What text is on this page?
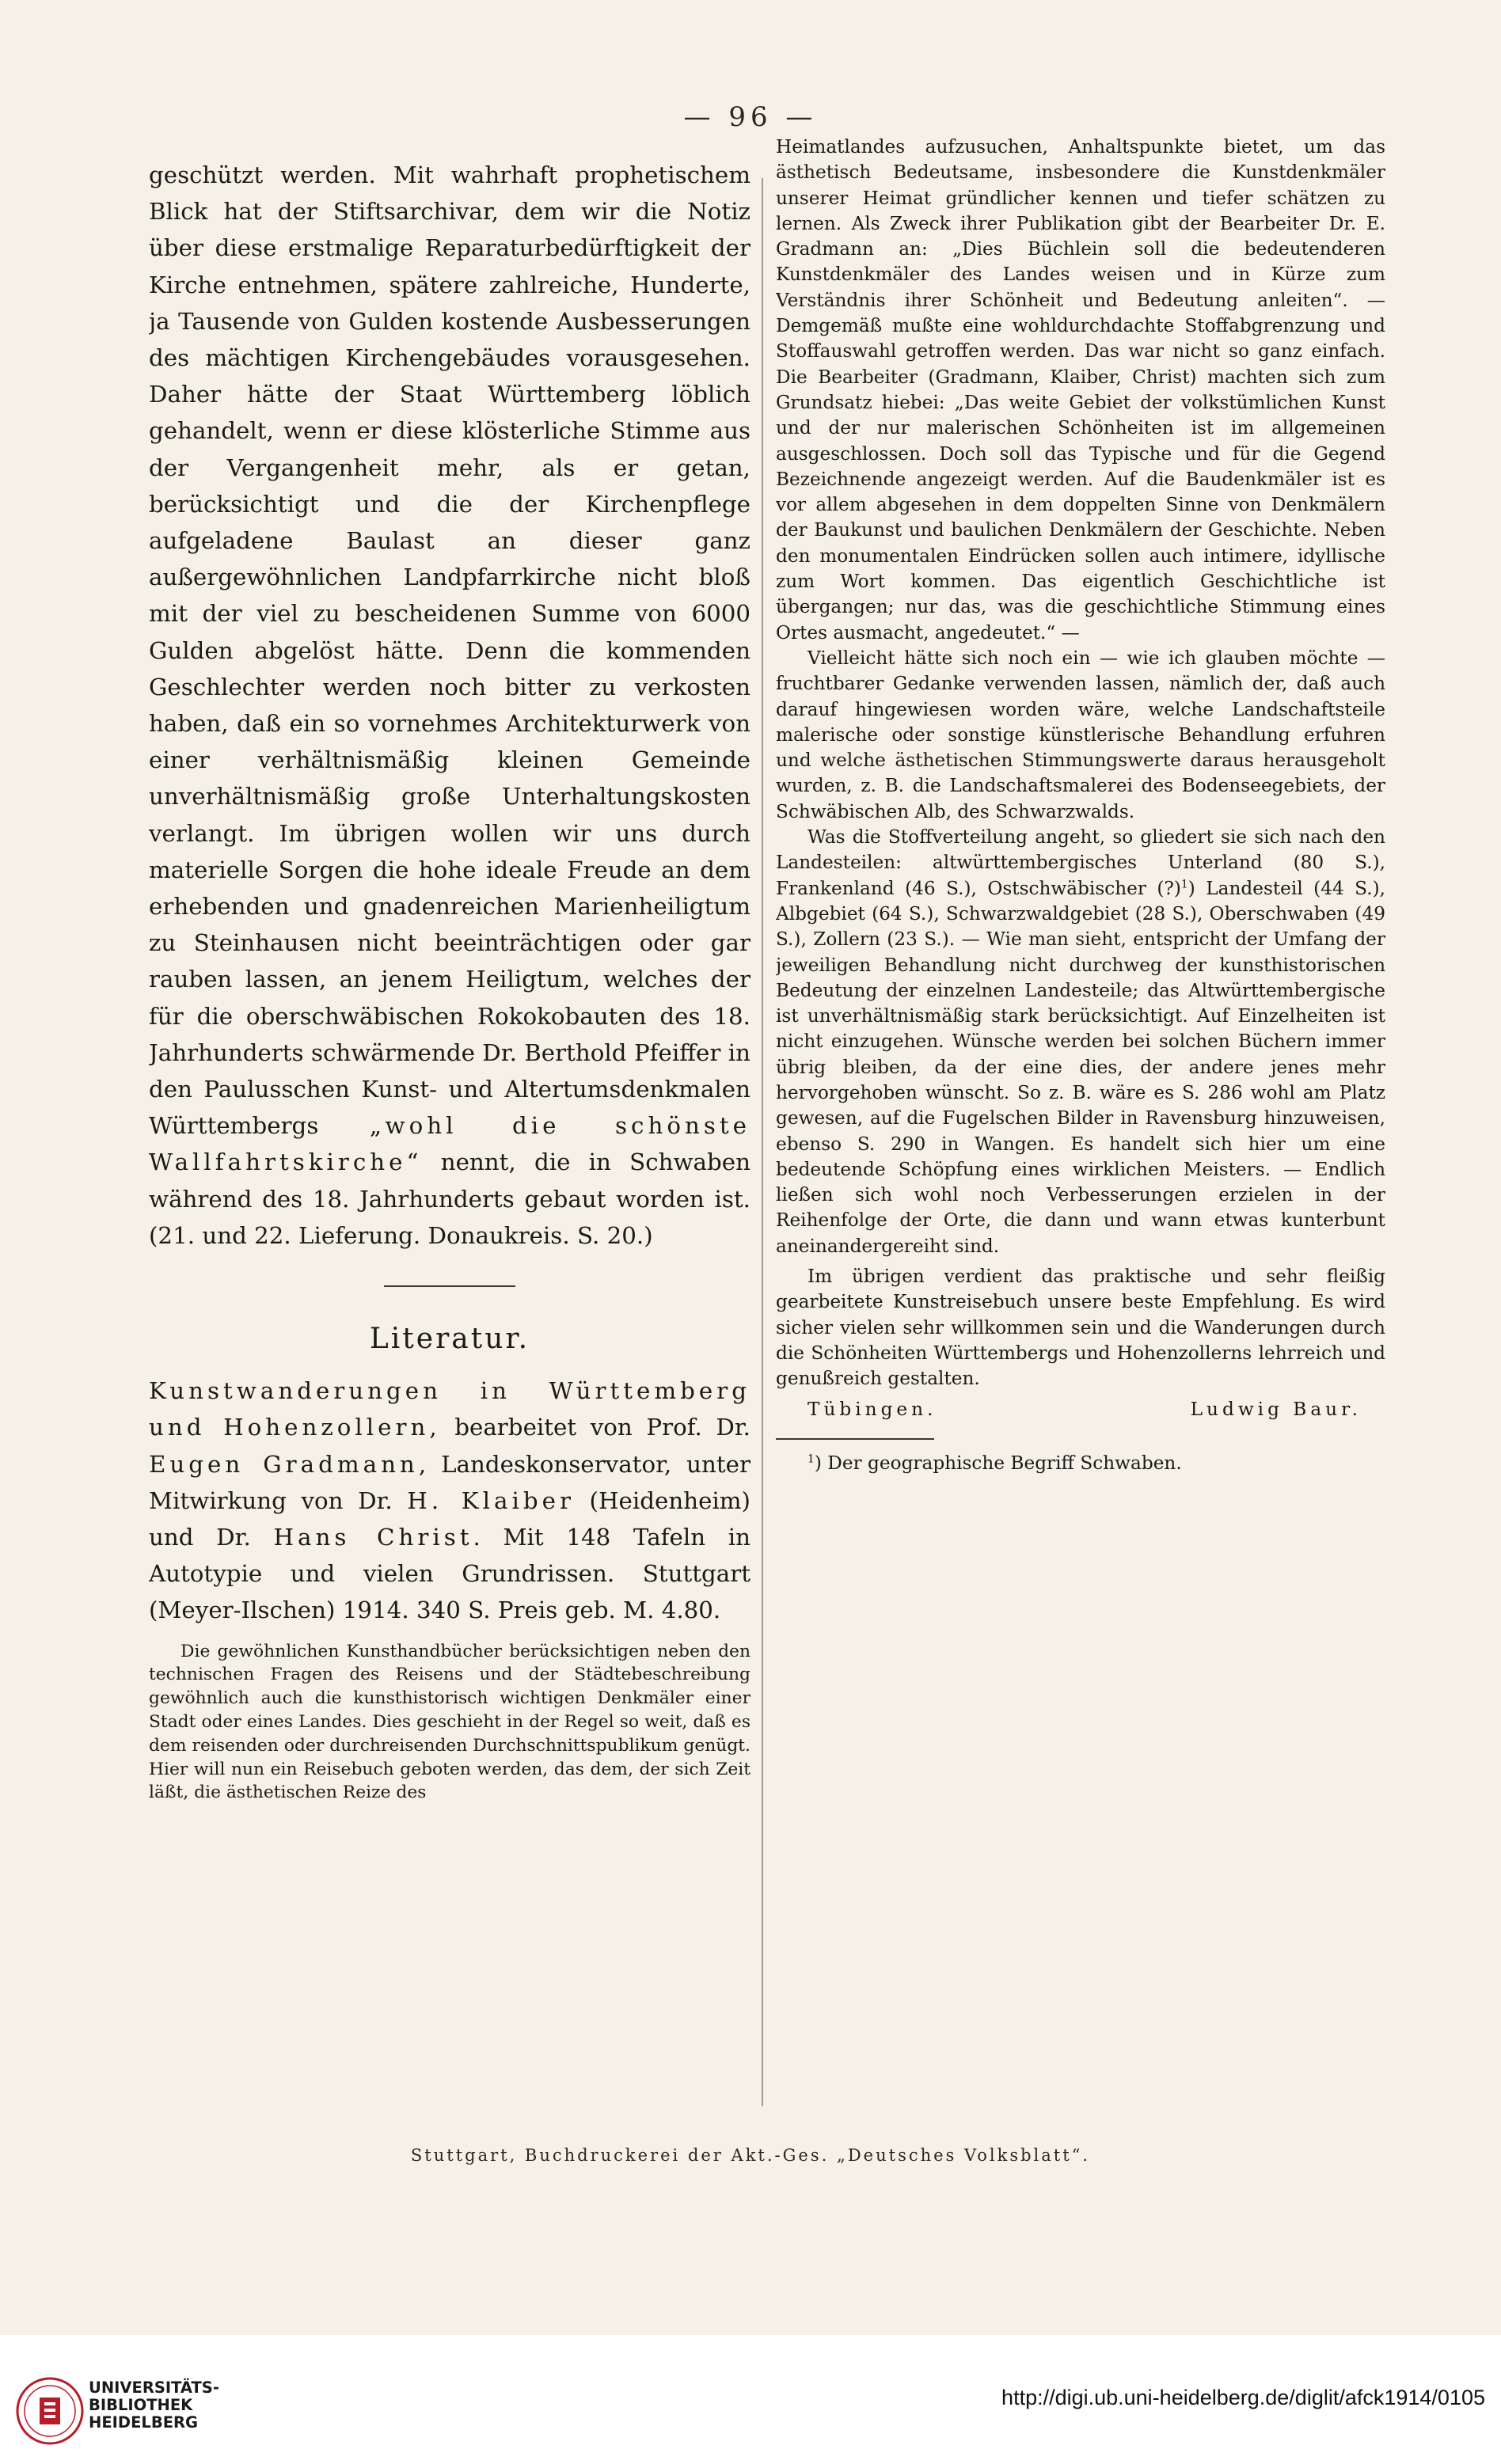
— 96 —

geschützt werden. Mit wahrhaft prophetischem Blick hat der Stiftsarchivar, dem wir die Notiz über diese erstmalige Reparaturbedürftigkeit der Kirche entnehmen, spätere zahlreiche, Hunderte, ja Tausende von Gulden kostende Ausbesserungen des mächtigen Kirchengebäudes vorausgesehen. Daher hätte der Staat Württemberg löblich gehandelt, wenn er diese klösterliche Stimme aus der Vergangenheit mehr, als er getan, berücksichtigt und die der Kirchenpflege aufgeladene Baulast an dieser ganz außergewöhnlichen Landpfarrkirche nicht bloß mit der viel zu bescheidenen Summe von 6000 Gulden abgelöst hätte. Denn die kommenden Geschlechter werden noch bitter zu verkosten haben, daß ein so vornehmes Architekturwerk von einer verhältnismäßig kleinen Gemeinde unverhältnismäßig große Unterhaltungskosten verlangt. Im übrigen wollen wir uns durch materielle Sorgen die hohe ideale Freude an dem erhebenden und gnadenreichen Marienheiligtum zu Steinhausen nicht beeinträchtigen oder gar rauben lassen, an jenem Heiligtum, welches der für die oberschwäbischen Rokokobauten des 18. Jahrhunderts schwärmende Dr. Berthold Pfeiffer in den Paulusschen Kunst- und Altertumsdenkmalen Württembergs „wohl die schönste Wallfahrtskirche“ nennt, die in Schwaben während des 18. Jahrhunderts gebaut worden ist. (21. und 22. Lieferung. Donaukreis. S. 20.)

Literatur.

Kunstwanderungen in Württemberg und Hohenzollern, bearbeitet von Prof. Dr. Eugen Gradmann, Landeskonservator, unter Mitwirkung von Dr. H. Klaiber (Heidenheim) und Dr. Hans Christ. Mit 148 Tafeln in Autotypie und vielen Grundrissen. Stuttgart (Meyer-Ilschen) 1914. 340 S. Preis geb. M. 4.80.

Die gewöhnlichen Kunsthandbücher berücksichtigen neben den technischen Fragen des Reisens und der Städtebeschreibung gewöhnlich auch die kunsthistorisch wichtigen Denkmäler einer Stadt oder eines Landes. Dies geschieht in der Regel so weit, daß es dem reisenden oder durchreisenden Durchschnittspublikum genügt. Hier will nun ein Reisebuch geboten werden, das dem, der sich Zeit läßt, die ästhetischen Reize des

Heimatlandes aufzusuchen, Anhaltspunkte bietet, um das ästhetisch Bedeutsame, insbesondere die Kunstdenkmäler unserer Heimat gründlicher kennen und tiefer schätzen zu lernen. Als Zweck ihrer Publikation gibt der Bearbeiter Dr. E. Gradmann an: „Dies Büchlein soll die bedeutenderen Kunstdenkmäler des Landes weisen und in Kürze zum Verständnis ihrer Schönheit und Bedeutung anleiten“. — Demgemäß mußte eine wohldurchdachte Stoffabgrenzung und Stoffauswahl getroffen werden. Das war nicht so ganz einfach. Die Bearbeiter (Gradmann, Klaiber, Christ) machten sich zum Grundsatz hiebei: „Das weite Gebiet der volkstümlichen Kunst und der nur malerischen Schönheiten ist im allgemeinen ausgeschlossen. Doch soll das Typische und für die Gegend Bezeichnende angezeigt werden. Auf die Baudenkmäler ist es vor allem abgesehen in dem doppelten Sinne von Denkmälern der Baukunst und baulichen Denkmälern der Geschichte. Neben den monumentalen Eindrücken sollen auch intimere, idyllische zum Wort kommen. Das eigentlich Geschichtliche ist übergangen; nur das, was die geschichtliche Stimmung eines Ortes ausmacht, angedeutet.“ —

Vielleicht hätte sich noch ein — wie ich glauben möchte — fruchtbarer Gedanke verwenden lassen, nämlich der, daß auch darauf hingewiesen worden wäre, welche Landschaftsteile malerische oder sonstige künstlerische Behandlung erfuhren und welche ästhetischen Stimmungswerte daraus herausgeholt wurden, z. B. die Landschaftsmalerei des Bodenseegebiets, der Schwäbischen Alb, des Schwarzwalds.

Was die Stoffverteilung angeht, so gliedert sie sich nach den Landesteilen: altwürttembergisches Unterland (80 S.), Frankenland (46 S.), Ostschwäbischer (?)$^1$) Landesteil (44 S.), Albgebiet (64 S.), Schwarzwaldgebiet (28 S.), Oberschwaben (49 S.), Zollern (23 S.). — Wie man sieht, entspricht der Umfang der jeweiligen Behandlung nicht durchweg der kunsthistorischen Bedeutung der einzelnen Landesteile; das Altwürttembergische ist unverhältnismäßig stark berücksichtigt. Auf Einzelheiten ist nicht einzugehen. Wünsche werden bei solchen Büchern immer übrig bleiben, da der eine dies, der andere jenes mehr hervorgehoben wünscht. So z. B. wäre es S. 286 wohl am Platz gewesen, auf die Fugelschen Bilder in Ravensburg hinzuweisen, ebenso S. 290 in Wangen. Es handelt sich hier um eine bedeutende Schöpfung eines wirklichen Meisters. — Endlich ließen sich wohl noch Verbesserungen erzielen in der Reihenfolge der Orte, die dann und wann etwas kunterbunt aneinandergereiht sind.

Im übrigen verdient das praktische und sehr fleißig gearbeitete Kunstreisebuch unsere beste Empfehlung. Es wird sicher vielen sehr willkommen sein und die Wanderungen durch die Schönheiten Württembergs und Hohenzollerns lehrreich und genußreich gestalten.

Tübingen.	Ludwig Baur.

$^1$) Der geographische Begriff Schwaben.

Stuttgart, Buchdruckerei der Akt.-Ges. „Deutsches Volksblatt“.
UNIVERSITÄTS-
BIBLIOTHEK
HEIDELBERG
http://digi.ub.uni-heidelberg.de/diglit/afck1914/0105
